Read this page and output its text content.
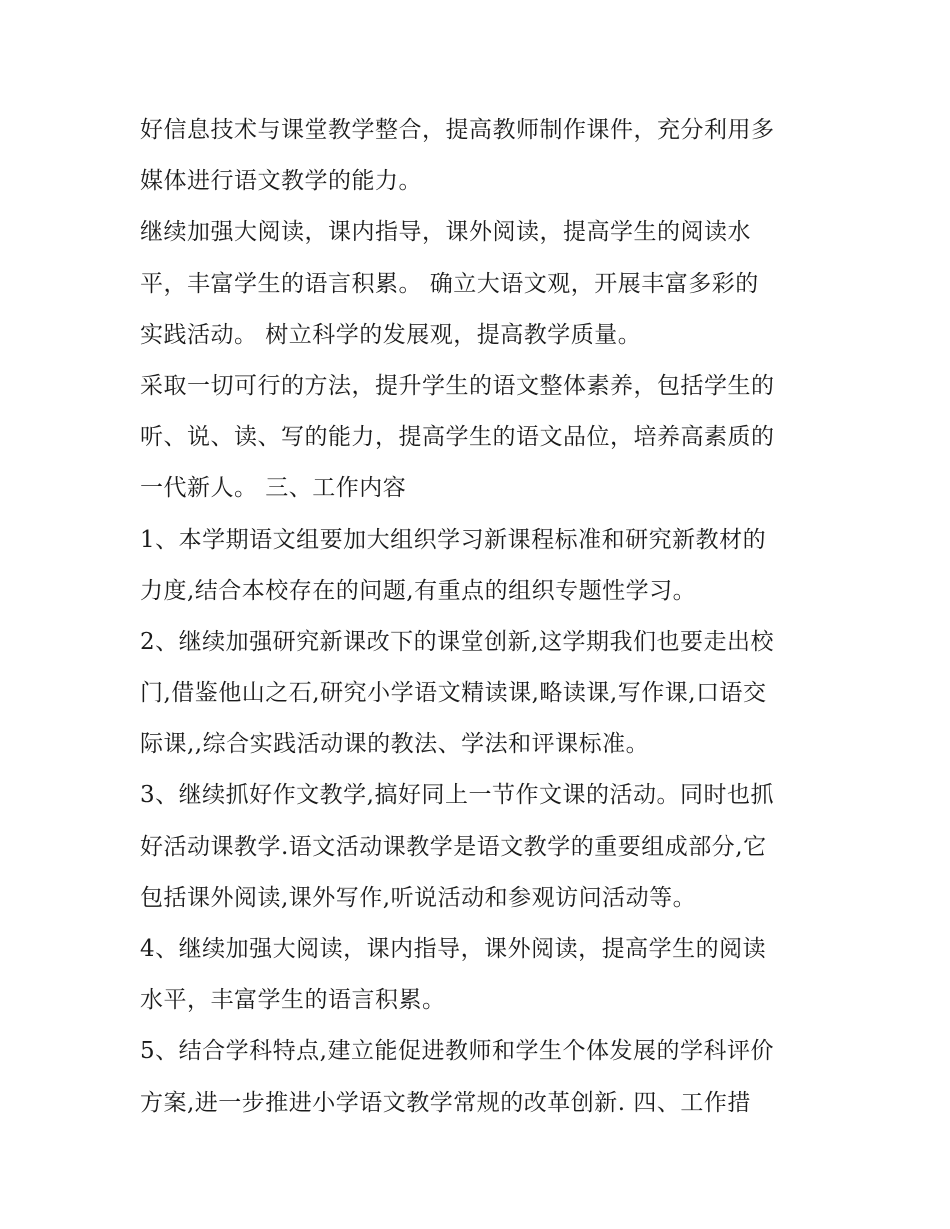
好信息技术与课堂教学整合，提高教师制作课件，充分利用多
媒体进行语文教学的能力。
继续加强大阅读，课内指导，课外阅读，提高学生的阅读水
平，丰富学生的语言积累。 确立大语文观，开展丰富多彩的
实践活动。 树立科学的发展观，提高教学质量。
采取一切可行的方法，提升学生的语文整体素养，包括学生的
听、说、读、写的能力，提高学生的语文品位，培养高素质的
一代新人。 三、工作内容
1、本学期语文组要加大组织学习新课程标准和研究新教材的
力度,结合本校存在的问题,有重点的组织专题性学习。
2、继续加强研究新课改下的课堂创新,这学期我们也要走出校
门,借鉴他山之石,研究小学语文精读课,略读课,写作课,口语交
际课,,综合实践活动课的教法、学法和评课标准。
3、继续抓好作文教学,搞好同上一节作文课的活动。同时也抓
好活动课教学.语文活动课教学是语文教学的重要组成部分,它
包括课外阅读,课外写作,听说活动和参观访问活动等。
4、继续加强大阅读，课内指导，课外阅读，提高学生的阅读
水平，丰富学生的语言积累。
5、结合学科特点,建立能促进教师和学生个体发展的学科评价
方案,进一步推进小学语文教学常规的改革创新. 四、工作措
